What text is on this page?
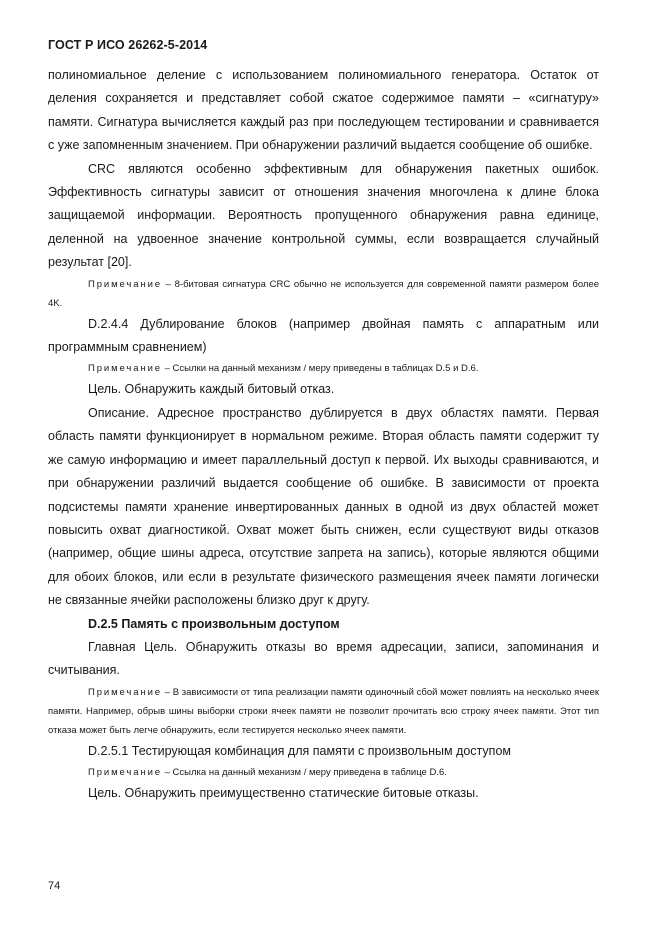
ГОСТ Р ИСО 26262-5-2014

полиномиальное деление с использованием полиномиального генератора. Остаток от деления сохраняется и представляет собой сжатое содержимое памяти – «сигнатуру» памяти. Сигнатура вычисляется каждый раз при последующем тестировании и сравнивается с уже запомненным значением. При обнаружении различий выдается сообщение об ошибке.

CRC являются особенно эффективным для обнаружения пакетных ошибок. Эффективность сигнатуры зависит от отношения значения многочлена к длине блока защищаемой информации. Вероятность пропущенного обнаружения равна единице, деленной на удвоенное значение контрольной суммы, если возвращается случайный результат [20].

Примечание – 8-битовая сигнатура CRC обычно не используется для современной памяти размером более 4K.

D.2.4.4 Дублирование блоков (например двойная память с аппаратным или программным сравнением)

Примечание – Ссылки на данный механизм / меру приведены в таблицах D.5 и D.6.

Цель. Обнаружить каждый битовый отказ.

Описание. Адресное пространство дублируется в двух областях памяти. Первая область памяти функционирует в нормальном режиме. Вторая область памяти содержит ту же самую информацию и имеет параллельный доступ к первой. Их выходы сравниваются, и при обнаружении различий выдается сообщение об ошибке. В зависимости от проекта подсистемы памяти хранение инвертированных данных в одной из двух областей может повысить охват диагностикой. Охват может быть снижен, если существуют виды отказов (например, общие шины адреса, отсутствие запрета на запись), которые являются общими для обоих блоков, или если в результате физического размещения ячеек памяти логически не связанные ячейки расположены близко друг к другу.

D.2.5 Память с произвольным доступом

Главная Цель. Обнаружить отказы во время адресации, записи, запоминания и считывания.

Примечание – В зависимости от типа реализации памяти одиночный сбой может повлиять на несколько ячеек памяти. Например, обрыв шины выборки строки ячеек памяти не позволит прочитать всю строку ячеек памяти. Этот тип отказа может быть легче обнаружить, если тестируется несколько ячеек памяти.

D.2.5.1 Тестирующая комбинация для памяти с произвольным доступом

Примечание – Ссылка на данный механизм / меру приведена в таблице D.6.

Цель. Обнаружить преимущественно статические битовые отказы.

74
